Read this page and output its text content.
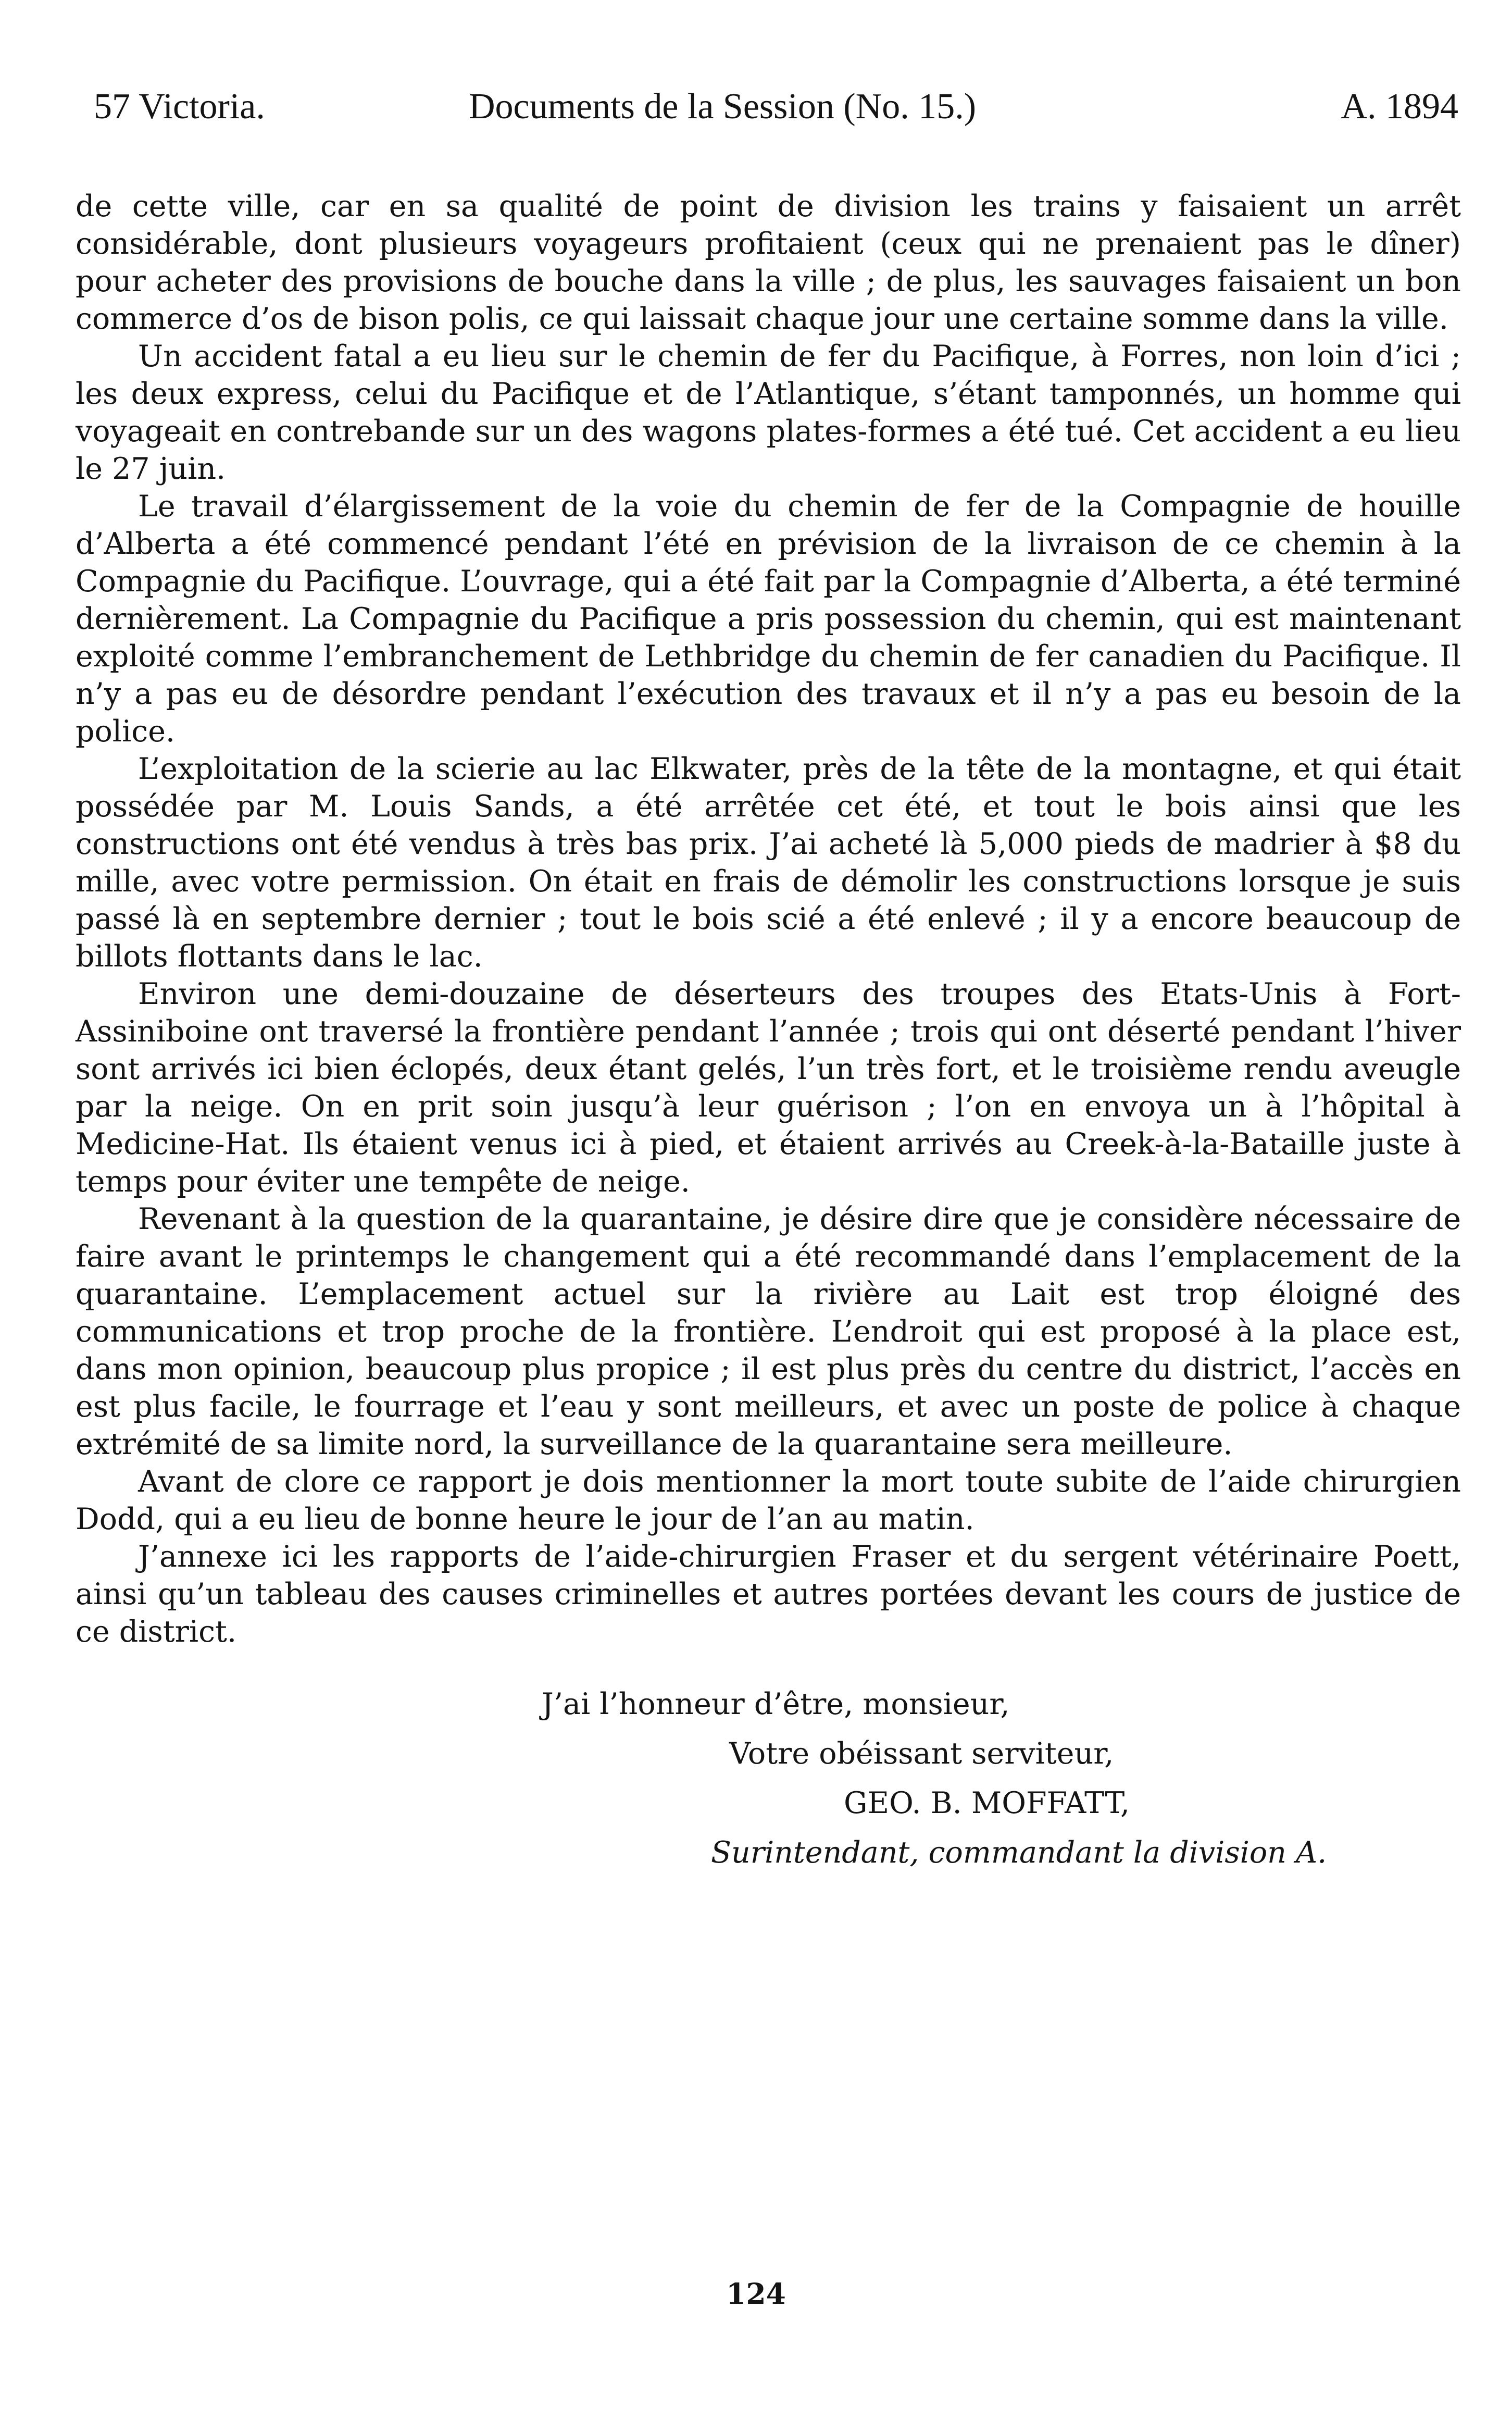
57 Victoria.	Documents de la Session (No. 15.)	A. 1894

de cette ville, car en sa qualité de point de division les trains y faisaient un arrêt considérable, dont plusieurs voyageurs profitaient (ceux qui ne prenaient pas le dîner) pour acheter des provisions de bouche dans la ville ; de plus, les sauvages faisaient un bon commerce d’os de bison polis, ce qui laissait chaque jour une certaine somme dans la ville.

Un accident fatal a eu lieu sur le chemin de fer du Pacifique, à Forres, non loin d’ici ; les deux express, celui du Pacifique et de l’Atlantique, s’étant tamponnés, un homme qui voyageait en contrebande sur un des wagons plates-formes a été tué. Cet accident a eu lieu le 27 juin.

Le travail d’élargissement de la voie du chemin de fer de la Compagnie de houille d’Alberta a été commencé pendant l’été en prévision de la livraison de ce chemin à la Compagnie du Pacifique. L’ouvrage, qui a été fait par la Compagnie d’Alberta, a été terminé dernièrement. La Compagnie du Pacifique a pris possession du chemin, qui est maintenant exploité comme l’embranchement de Lethbridge du chemin de fer canadien du Pacifique. Il n’y a pas eu de désordre pendant l’exécution des travaux et il n’y a pas eu besoin de la police.

L’exploitation de la scierie au lac Elkwater, près de la tête de la montagne, et qui était possédée par M. Louis Sands, a été arrêtée cet été, et tout le bois ainsi que les constructions ont été vendus à très bas prix. J’ai acheté là 5,000 pieds de madrier à $8 du mille, avec votre permission. On était en frais de démolir les constructions lorsque je suis passé là en septembre dernier ; tout le bois scié a été enlevé ; il y a encore beaucoup de billots flottants dans le lac.

Environ une demi-douzaine de déserteurs des troupes des Etats-Unis à Fort-Assiniboine ont traversé la frontière pendant l’année ; trois qui ont déserté pendant l’hiver sont arrivés ici bien éclopés, deux étant gelés, l’un très fort, et le troisième rendu aveugle par la neige. On en prit soin jusqu’à leur guérison ; l’on en envoya un à l’hôpital à Medicine-Hat. Ils étaient venus ici à pied, et étaient arrivés au Creek-à-la-Bataille juste à temps pour éviter une tempête de neige.

Revenant à la question de la quarantaine, je désire dire que je considère nécessaire de faire avant le printemps le changement qui a été recommandé dans l’emplacement de la quarantaine. L’emplacement actuel sur la rivière au Lait est trop éloigné des communications et trop proche de la frontière. L’endroit qui est proposé à la place est, dans mon opinion, beaucoup plus propice ; il est plus près du centre du district, l’accès en est plus facile, le fourrage et l’eau y sont meilleurs, et avec un poste de police à chaque extrémité de sa limite nord, la surveillance de la quarantaine sera meilleure.

Avant de clore ce rapport je dois mentionner la mort toute subite de l’aide chirurgien Dodd, qui a eu lieu de bonne heure le jour de l’an au matin.

J’annexe ici les rapports de l’aide-chirurgien Fraser et du sergent vétérinaire Poett, ainsi qu’un tableau des causes criminelles et autres portées devant les cours de justice de ce district.

J’ai l’honneur d’être, monsieur,
Votre obéissant serviteur,
GEO. B. MOFFATT,
Surintendant, commandant la division A.
124
